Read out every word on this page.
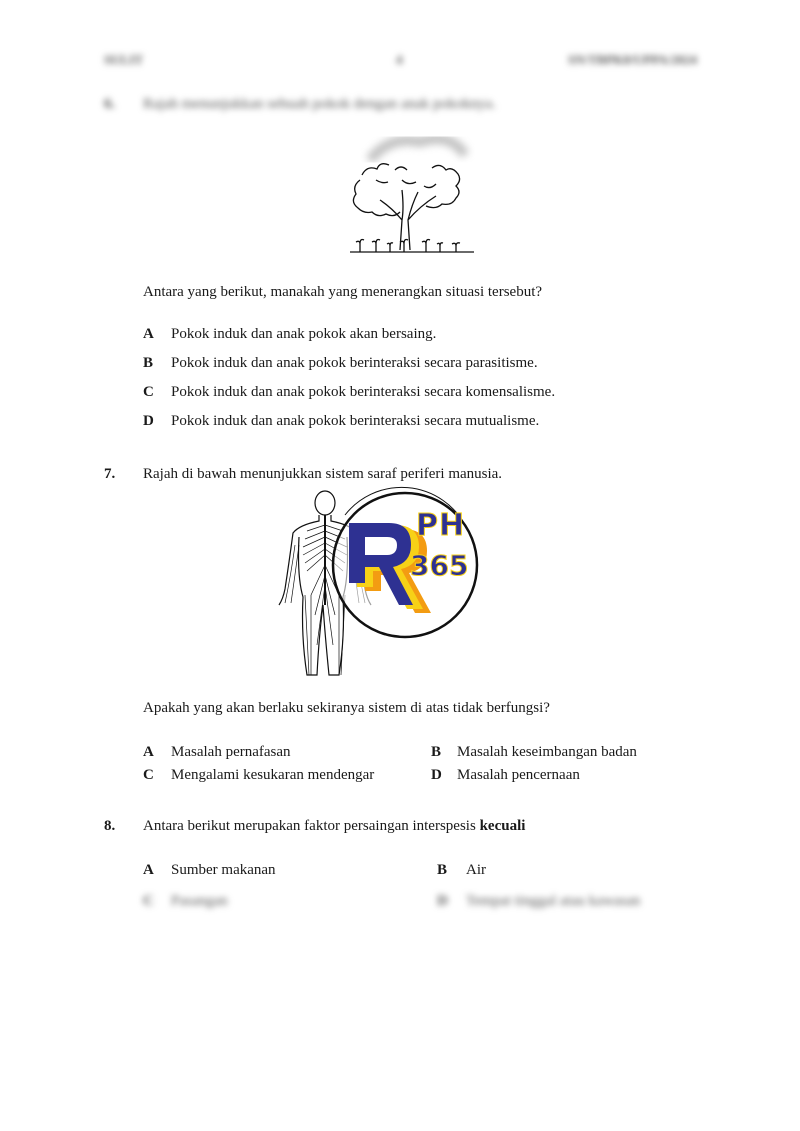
SULIT	4	SN/TBPK8/UPPA/2024
6. Rajah menunjukkan sebuah pokok dengan anak pokoknya.
Antara yang berikut, manakah yang menerangkan situasi tersebut?
A Pokok induk dan anak pokok akan bersaing.
B Pokok induk dan anak pokok berinteraksi secara parasitisme.
C Pokok induk dan anak pokok berinteraksi secara komensalisme.
D Pokok induk dan anak pokok berinteraksi secara mutualisme.
7. Rajah di bawah menunjukkan sistem saraf periferi manusia.
PH
365
Apakah yang akan berlaku sekiranya sistem di atas tidak berfungsi?
A Masalah pernafasan	B Masalah keseimbangan badan
C Mengalami kesukaran mendengar	D Masalah pencernaan
8. Antara berikut merupakan faktor persaingan interspesis kecuali
A Sumber makanan	B Air
C Pasangan	D Tempat tinggal atau kawasan
